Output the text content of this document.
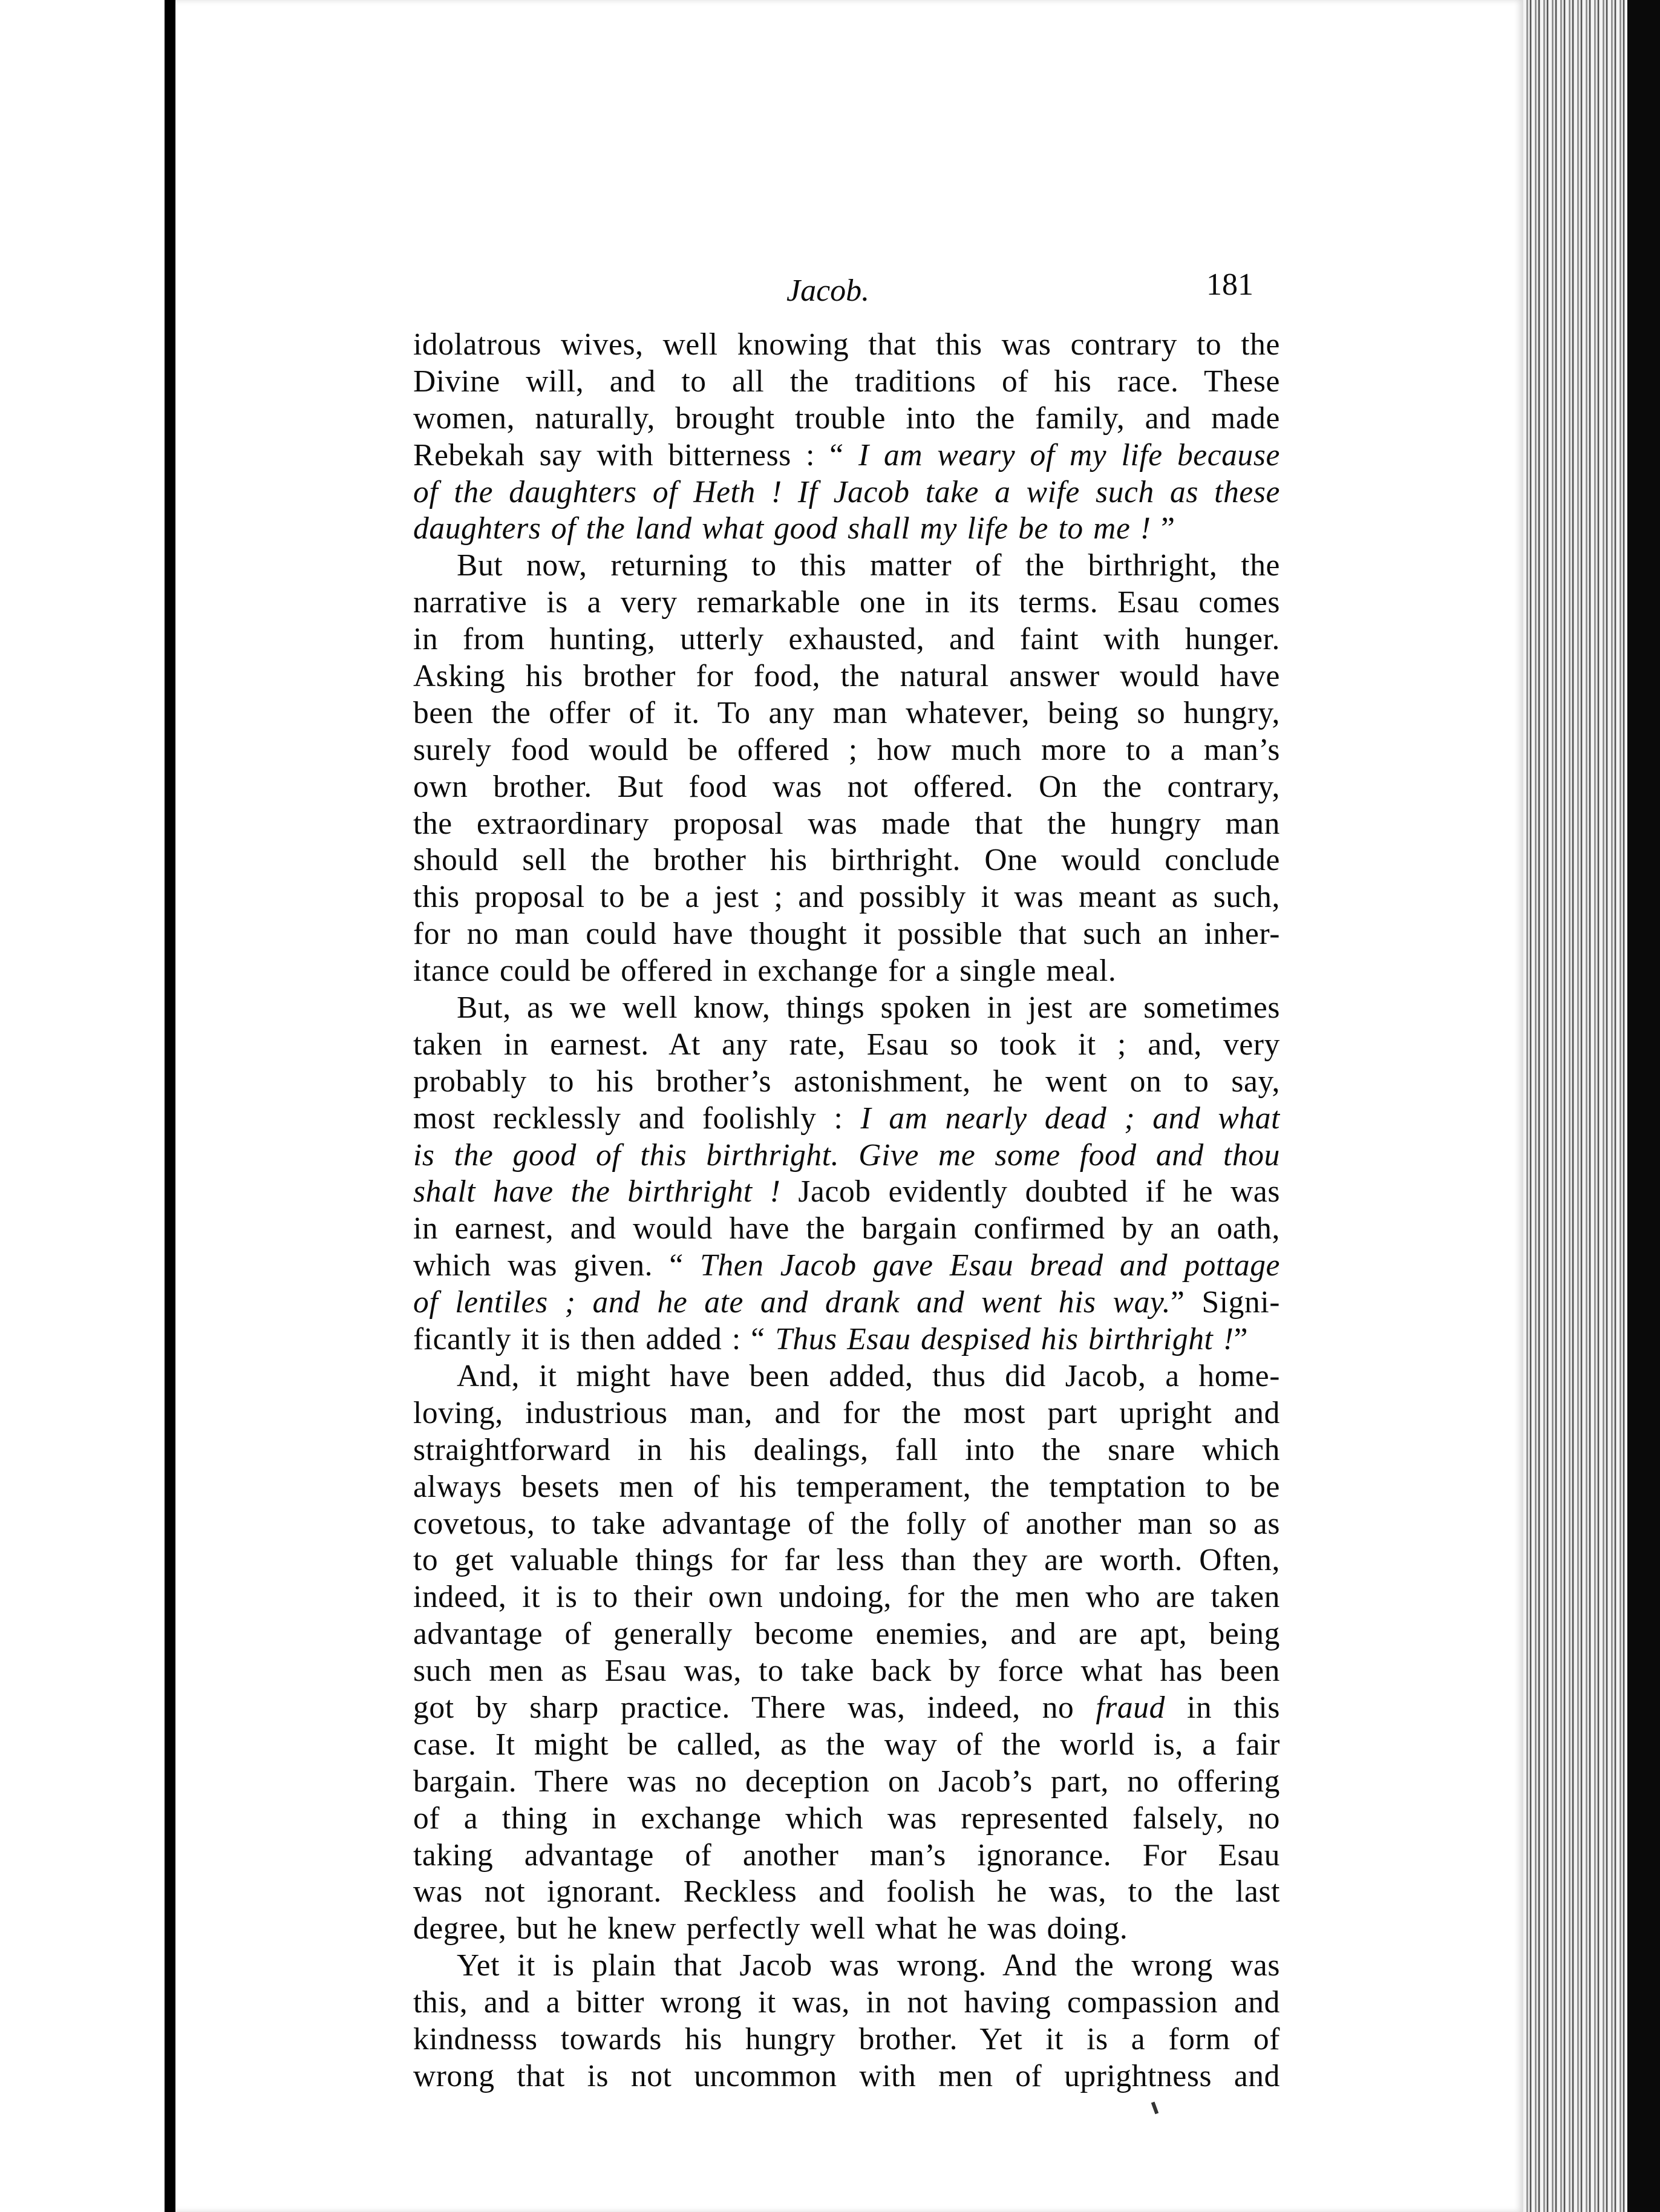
Jacob.	181
idolatrous wives, well knowing that this was contrary to the
Divine will, and to all the traditions of his race. These
women, naturally, brought trouble into the family, and made
Rebekah say with bitterness : “ I am weary of my life because
of the daughters of Heth ! If Jacob take a wife such as these
daughters of the land what good shall my life be to me ! ”
But now, returning to this matter of the birthright, the
narrative is a very remarkable one in its terms. Esau comes
in from hunting, utterly exhausted, and faint with hunger.
Asking his brother for food, the natural answer would have
been the offer of it. To any man whatever, being so hungry,
surely food would be offered ; how much more to a man’s
own brother. But food was not offered. On the contrary,
the extraordinary proposal was made that the hungry man
should sell the brother his birthright. One would conclude
this proposal to be a jest ; and possibly it was meant as such,
for no man could have thought it possible that such an inher-
itance could be offered in exchange for a single meal.
But, as we well know, things spoken in jest are sometimes
taken in earnest. At any rate, Esau so took it ; and, very
probably to his brother’s astonishment, he went on to say,
most recklessly and foolishly : I am nearly dead ; and what
is the good of this birthright. Give me some food and thou
shalt have the birthright ! Jacob evidently doubted if he was
in earnest, and would have the bargain confirmed by an oath,
which was given. “ Then Jacob gave Esau bread and pottage
of lentiles ; and he ate and drank and went his way.” Signi-
ficantly it is then added : “ Thus Esau despised his birthright !”
And, it might have been added, thus did Jacob, a home-
loving, industrious man, and for the most part upright and
straightforward in his dealings, fall into the snare which
always besets men of his temperament, the temptation to be
covetous, to take advantage of the folly of another man so as
to get valuable things for far less than they are worth. Often,
indeed, it is to their own undoing, for the men who are taken
advantage of generally become enemies, and are apt, being
such men as Esau was, to take back by force what has been
got by sharp practice. There was, indeed, no fraud in this
case. It might be called, as the way of the world is, a fair
bargain. There was no deception on Jacob’s part, no offering
of a thing in exchange which was represented falsely, no
taking advantage of another man’s ignorance. For Esau
was not ignorant. Reckless and foolish he was, to the last
degree, but he knew perfectly well what he was doing.
Yet it is plain that Jacob was wrong. And the wrong was
this, and a bitter wrong it was, in not having compassion and
kindnesss towards his hungry brother. Yet it is a form of
wrong that is not uncommon with men of uprightness and
